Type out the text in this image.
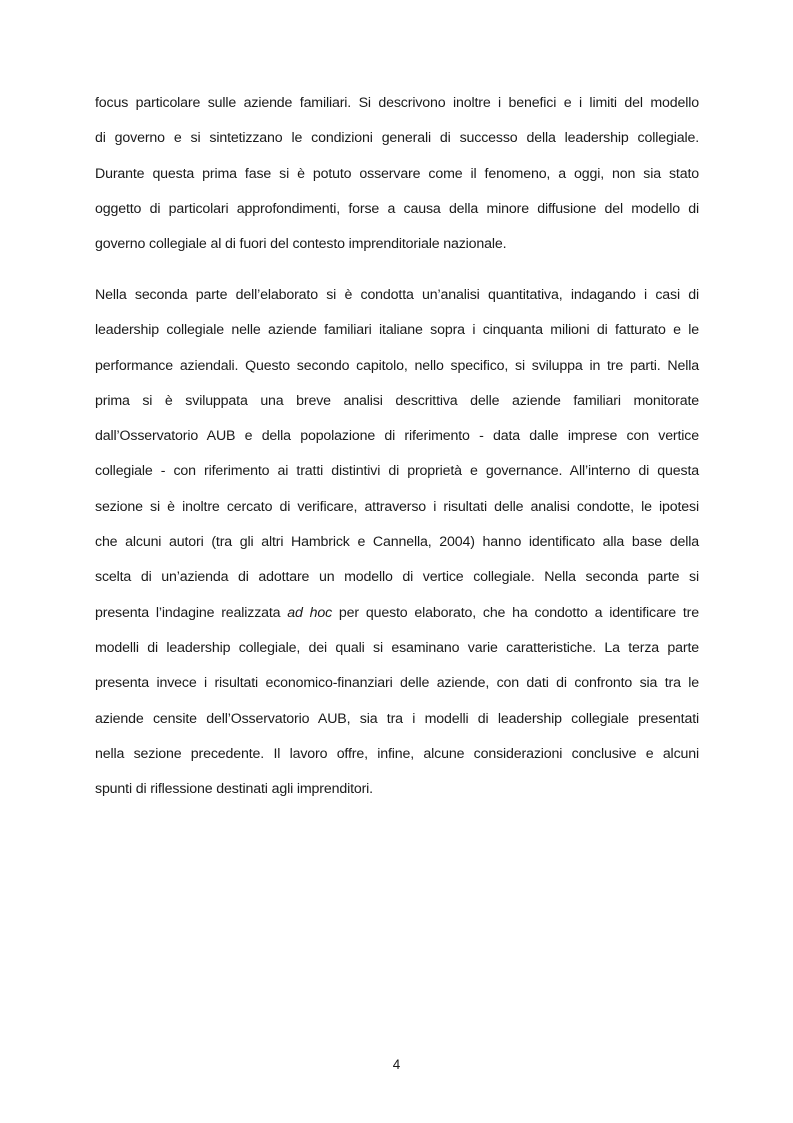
focus particolare sulle aziende familiari. Si descrivono inoltre i benefici e i limiti del modello
di governo e si sintetizzano le condizioni generali di successo della leadership collegiale.
Durante questa prima fase si è potuto osservare come il fenomeno, a oggi, non sia stato
oggetto di particolari approfondimenti, forse a causa della minore diffusione del modello di
governo collegiale al di fuori del contesto imprenditoriale nazionale.
Nella seconda parte dell’elaborato si è condotta un’analisi quantitativa, indagando i casi di
leadership collegiale nelle aziende familiari italiane sopra i cinquanta milioni di fatturato e le
performance aziendali. Questo secondo capitolo, nello specifico, si sviluppa in tre parti. Nella
prima si è sviluppata una breve analisi descrittiva delle aziende familiari monitorate
dall’Osservatorio AUB e della popolazione di riferimento - data dalle imprese con vertice
collegiale - con riferimento ai tratti distintivi di proprietà e governance. All’interno di questa
sezione si è inoltre cercato di verificare, attraverso i risultati delle analisi condotte, le ipotesi
che alcuni autori (tra gli altri Hambrick e Cannella, 2004) hanno identificato alla base della
scelta di un’azienda di adottare un modello di vertice collegiale. Nella seconda parte si
presenta l’indagine realizzata ad hoc per questo elaborato, che ha condotto a identificare tre
modelli di leadership collegiale, dei quali si esaminano varie caratteristiche. La terza parte
presenta invece i risultati economico-finanziari delle aziende, con dati di confronto sia tra le
aziende censite dell’Osservatorio AUB, sia tra i modelli di leadership collegiale presentati
nella sezione precedente. Il lavoro offre, infine, alcune considerazioni conclusive e alcuni
spunti di riflessione destinati agli imprenditori.
4
